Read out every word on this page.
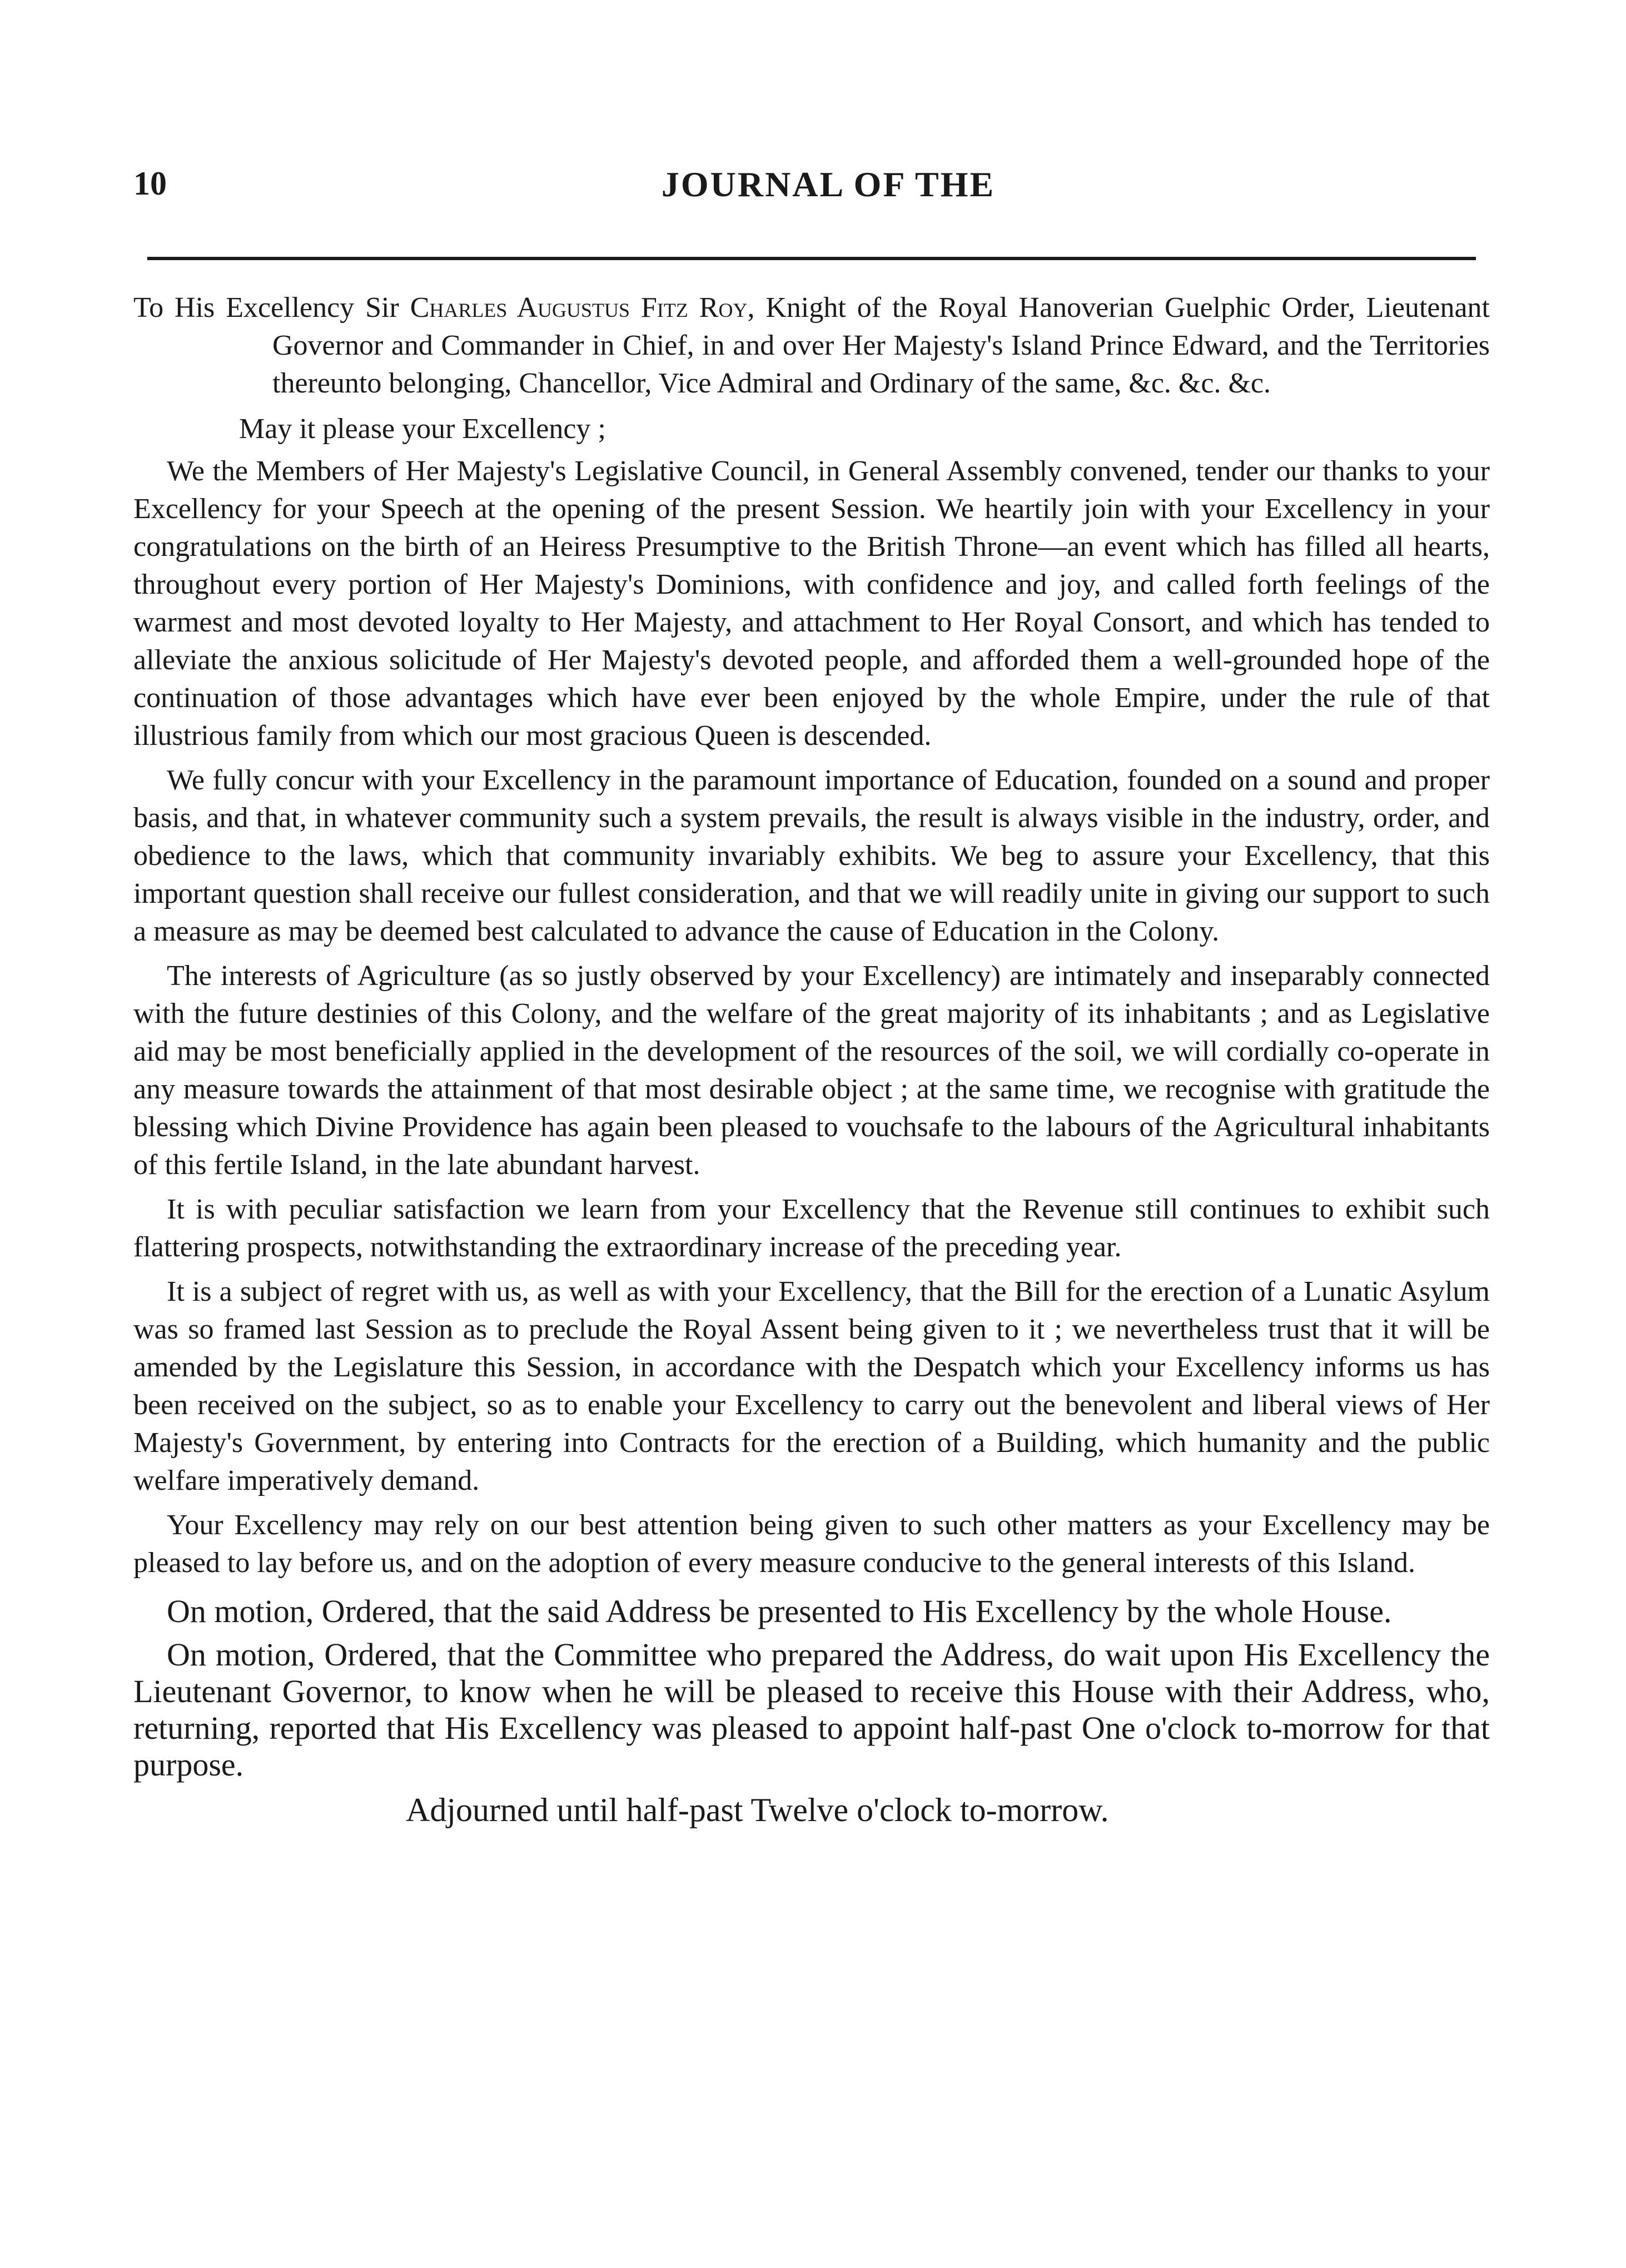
10	JOURNAL OF THE

To His Excellency Sir Charles Augustus Fitz Roy, Knight of the Royal Hanoverian Guelphic Order, Lieutenant Governor and Commander in Chief, in and over Her Majesty's Island Prince Edward, and the Territories thereunto belonging, Chancellor, Vice Admiral and Ordinary of the same, &c. &c. &c.

May it please your Excellency ;

We the Members of Her Majesty's Legislative Council, in General Assembly convened, tender our thanks to your Excellency for your Speech at the opening of the present Session. We heartily join with your Excellency in your congratulations on the birth of an Heiress Presumptive to the British Throne—an event which has filled all hearts, throughout every portion of Her Majesty's Dominions, with confidence and joy, and called forth feelings of the warmest and most devoted loyalty to Her Majesty, and attachment to Her Royal Consort, and which has tended to alleviate the anxious solicitude of Her Majesty's devoted people, and afforded them a well-grounded hope of the continuation of those advantages which have ever been enjoyed by the whole Empire, under the rule of that illustrious family from which our most gracious Queen is descended.

We fully concur with your Excellency in the paramount importance of Education, founded on a sound and proper basis, and that, in whatever community such a system prevails, the result is always visible in the industry, order, and obedience to the laws, which that community invariably exhibits. We beg to assure your Excellency, that this important question shall receive our fullest consideration, and that we will readily unite in giving our support to such a measure as may be deemed best calculated to advance the cause of Education in the Colony.

The interests of Agriculture (as so justly observed by your Excellency) are intimately and inseparably connected with the future destinies of this Colony, and the welfare of the great majority of its inhabitants ; and as Legislative aid may be most beneficially applied in the development of the resources of the soil, we will cordially co-operate in any measure towards the attainment of that most desirable object ; at the same time, we recognise with gratitude the blessing which Divine Providence has again been pleased to vouchsafe to the labours of the Agricultural inhabitants of this fertile Island, in the late abundant harvest.

It is with peculiar satisfaction we learn from your Excellency that the Revenue still continues to exhibit such flattering prospects, notwithstanding the extraordinary increase of the preceding year.

It is a subject of regret with us, as well as with your Excellency, that the Bill for the erection of a Lunatic Asylum was so framed last Session as to preclude the Royal Assent being given to it ; we nevertheless trust that it will be amended by the Legislature this Session, in accordance with the Despatch which your Excellency informs us has been received on the subject, so as to enable your Excellency to carry out the benevolent and liberal views of Her Majesty's Government, by entering into Contracts for the erection of a Building, which humanity and the public welfare imperatively demand.

Your Excellency may rely on our best attention being given to such other matters as your Excellency may be pleased to lay before us, and on the adoption of every measure conducive to the general interests of this Island.

On motion, Ordered, that the said Address be presented to His Excellency by the whole House.

On motion, Ordered, that the Committee who prepared the Address, do wait upon His Excellency the Lieutenant Governor, to know when he will be pleased to receive this House with their Address, who, returning, reported that His Excellency was pleased to appoint half-past One o'clock to-morrow for that purpose.

Adjourned until half-past Twelve o'clock to-morrow.
